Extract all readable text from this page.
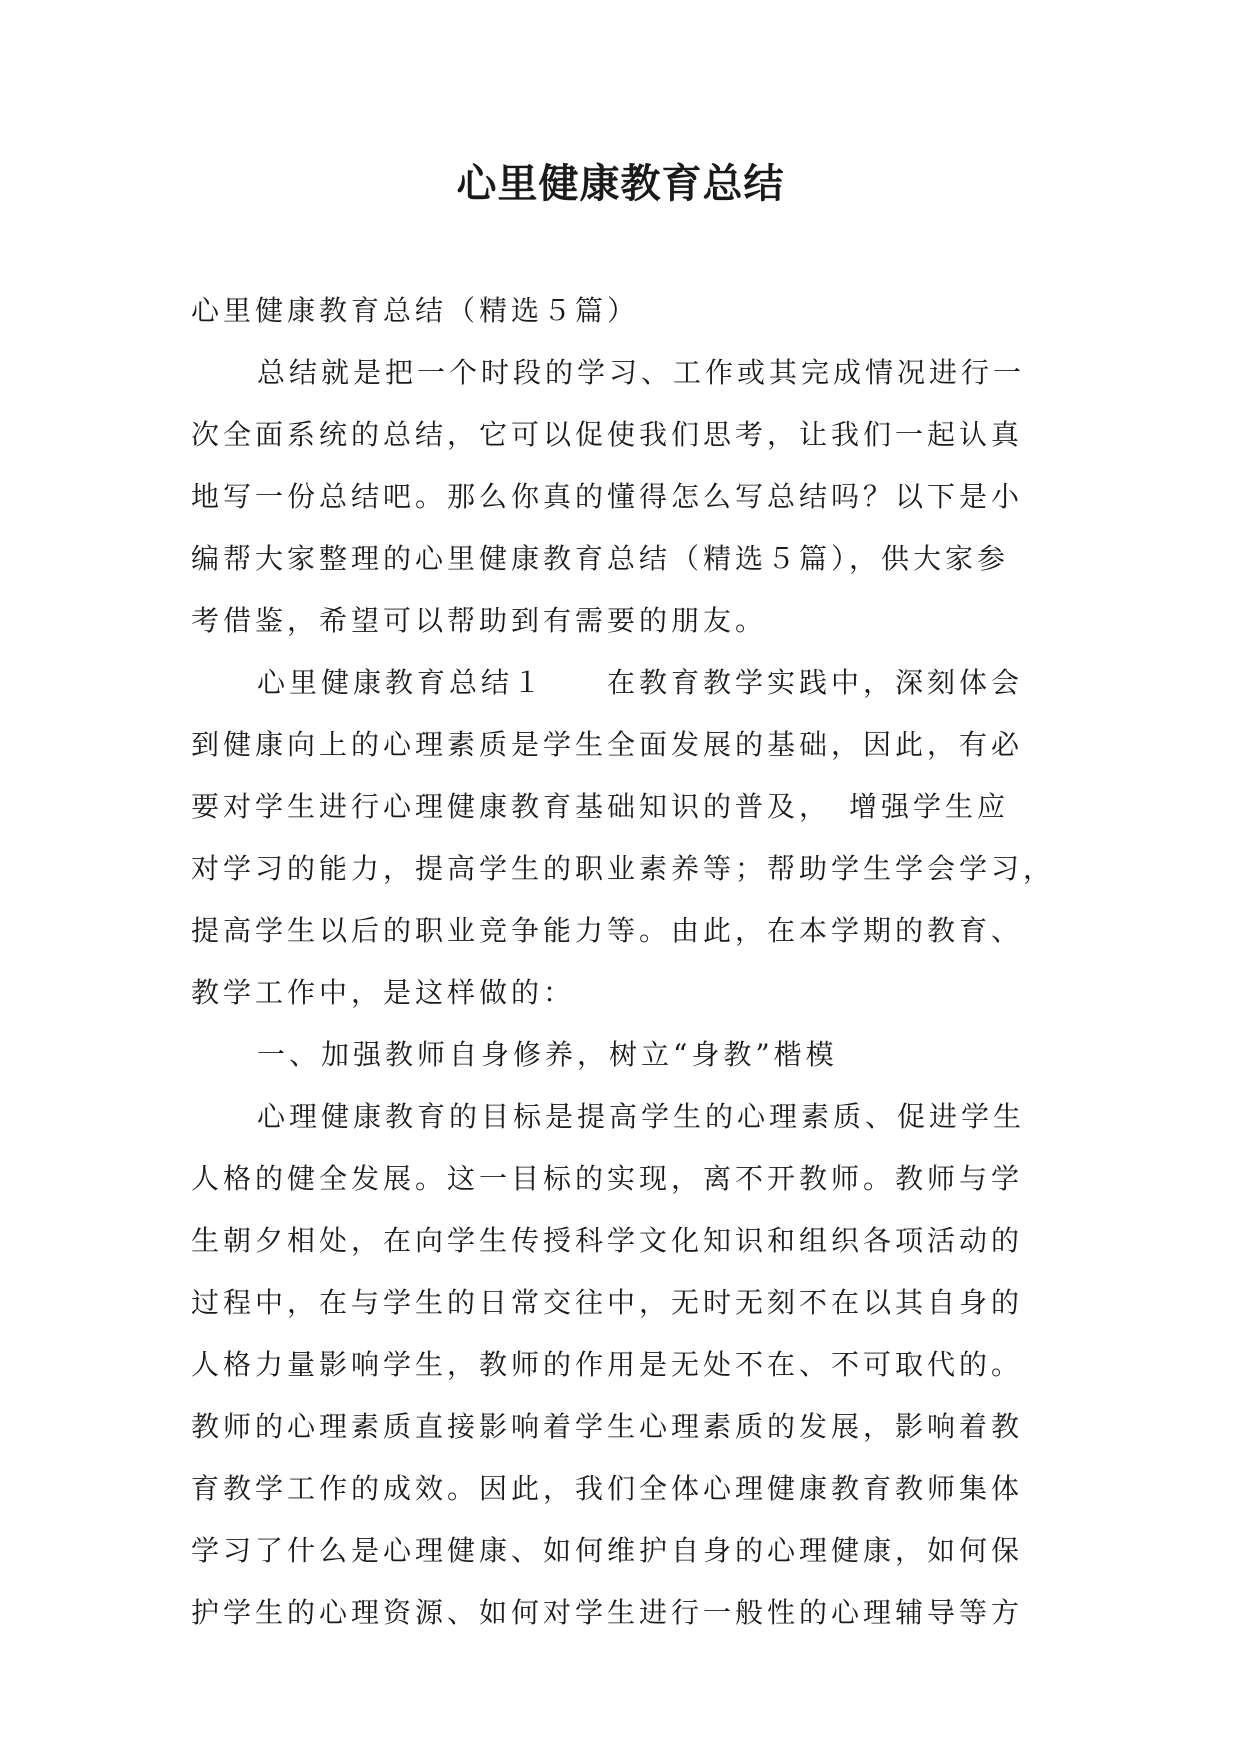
心里健康教育总结
心里健康教育总结（精选５篇）
总结就是把一个时段的学习、工作或其完成情况进行一
次全面系统的总结，它可以促使我们思考，让我们一起认真
地写一份总结吧。那么你真的懂得怎么写总结吗？以下是小
编帮大家整理的心里健康教育总结（精选５篇），供大家参
考借鉴，希望可以帮助到有需要的朋友。
心里健康教育总结１ 在教育教学实践中，深刻体会
到健康向上的心理素质是学生全面发展的基础，因此，有必
要对学生进行心理健康教育基础知识的普及，　增强学生应
对学习的能力，提高学生的职业素养等；帮助学生学会学习，
提高学生以后的职业竞争能力等。由此，在本学期的教育、
教学工作中，是这样做的：
一、加强教师自身修养，树立“身教”楷模
心理健康教育的目标是提高学生的心理素质、促进学生
人格的健全发展。这一目标的实现，离不开教师。教师与学
生朝夕相处，在向学生传授科学文化知识和组织各项活动的
过程中，在与学生的日常交往中，无时无刻不在以其自身的
人格力量影响学生，教师的作用是无处不在、不可取代的。
教师的心理素质直接影响着学生心理素质的发展，影响着教
育教学工作的成效。因此，我们全体心理健康教育教师集体
学习了什么是心理健康、如何维护自身的心理健康，如何保
护学生的心理资源、如何对学生进行一般性的心理辅导等方
